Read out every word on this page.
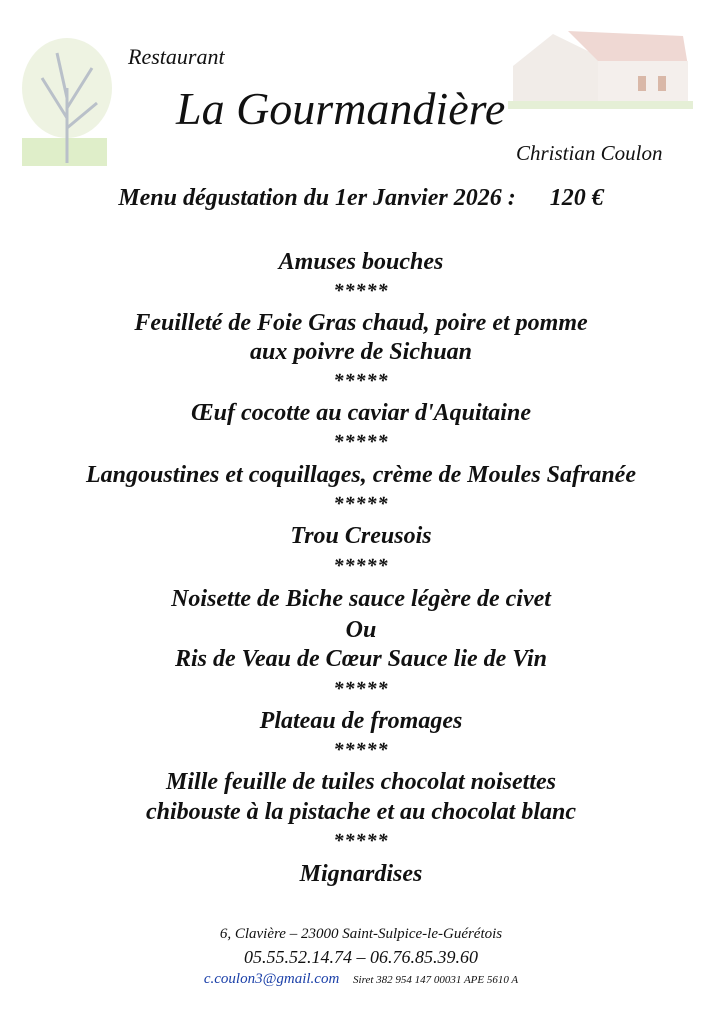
Restaurant
La Gourmandière
Christian Coulon
Menu dégustation du 1er Janvier 2026 : 120 €
Amuses bouches
*****
Feuilleté de Foie Gras chaud, poire et pomme
aux poivre de Sichuan
*****
Œuf cocotte au caviar d'Aquitaine
*****
Langoustines et coquillages, crème de Moules Safranée
*****
Trou Creusois
*****
Noisette de Biche sauce légère de civet
Ou
Ris de Veau de Cœur Sauce lie de Vin
*****
Plateau de fromages
*****
Mille feuille de tuiles chocolat noisettes
chibouste à la pistache et au chocolat blanc
*****
Mignardises
6, Clavière – 23000 Saint-Sulpice-le-Guérétois
05.55.52.14.74 – 06.76.85.39.60
c.coulon3@gmail.com Siret 382 954 147 00031 APE 5610 A
